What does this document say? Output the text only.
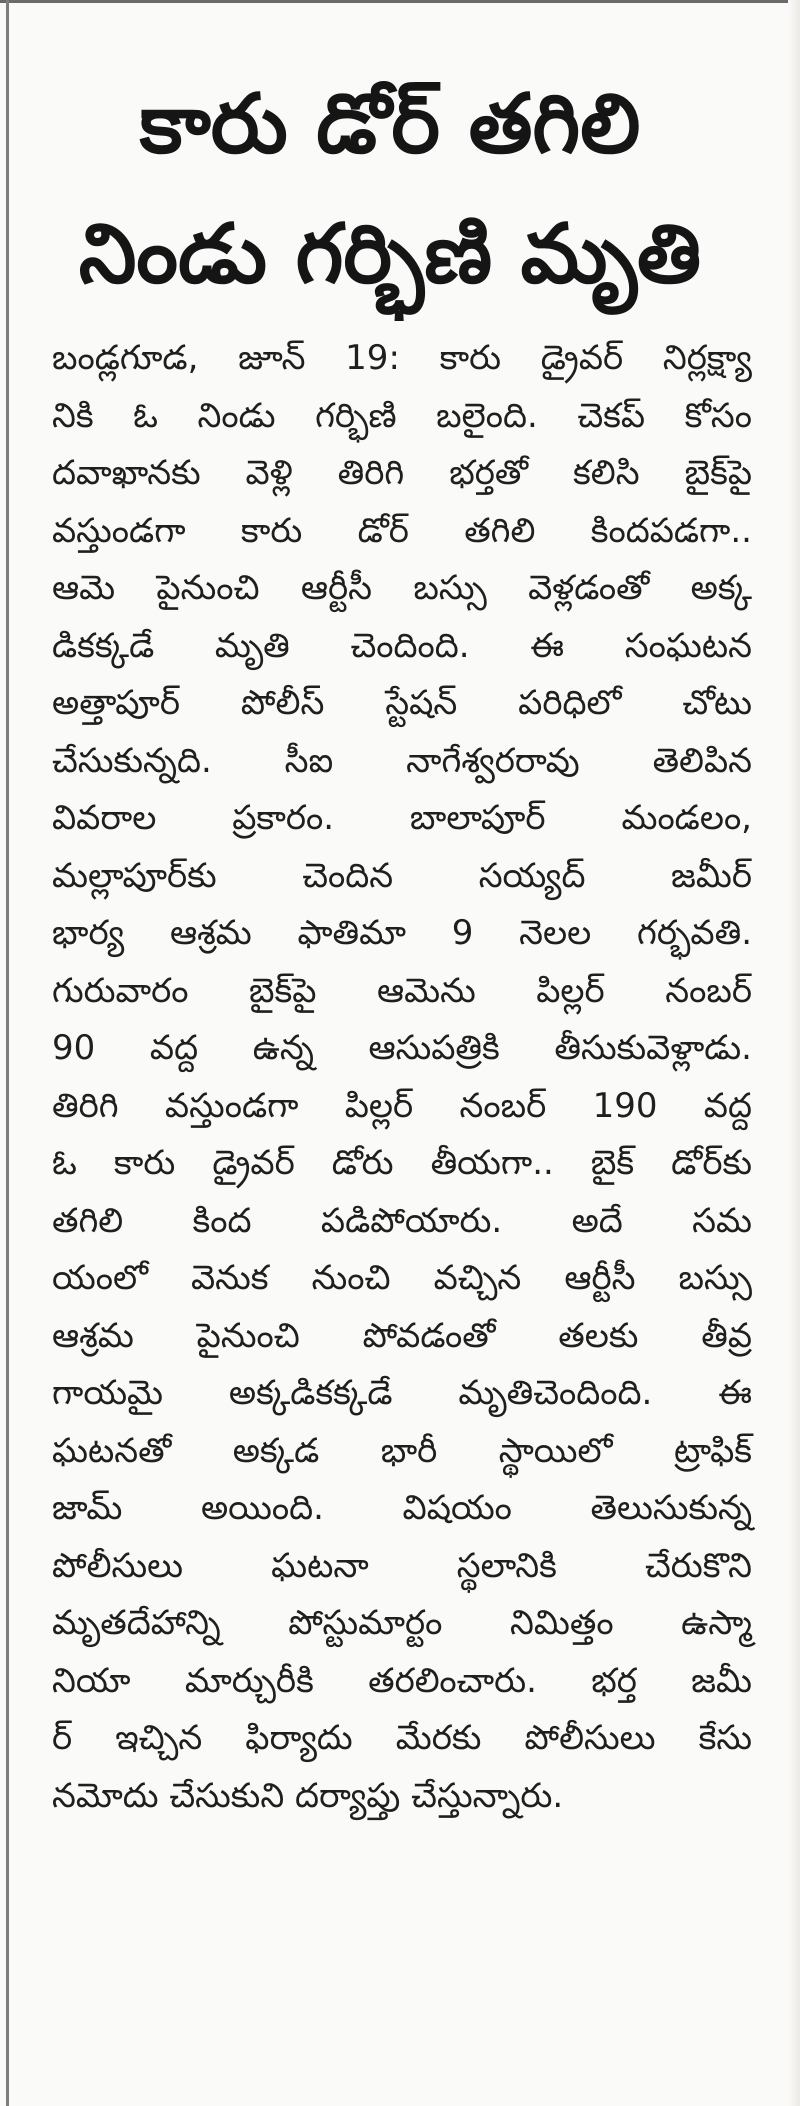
కారు డోర్ తగిలి
నిండు గర్భిణి మృతి
బండ్లగూడ, జూన్ 19: కారు డ్రైవర్ నిర్లక్ష్యా
నికి ఓ నిండు గర్భిణి బలైంది. చెకప్ కోసం
దవాఖానకు వెళ్లి తిరిగి భర్తతో కలిసి బైక్‌పై
వస్తుండగా కారు డోర్ తగిలి కిందపడగా..
ఆమె పైనుంచి ఆర్టీసీ బస్సు వెళ్లడంతో అక్క
డికక్కడే మృతి చెందింది. ఈ సంఘటన
అత్తాపూర్ పోలీస్ స్టేషన్ పరిధిలో చోటు
చేసుకున్నది. సీఐ నాగేశ్వరరావు తెలిపిన
వివరాల ప్రకారం. బాలాపూర్ మండలం,
మల్లాపూర్‌కు చెందిన సయ్యద్ జమీర్
భార్య ఆశ్రమ ఫాతిమా 9 నెలల గర్భవతి.
గురువారం బైక్‌పై ఆమెను పిల్లర్ నంబర్
90 వద్ద ఉన్న ఆసుపత్రికి తీసుకువెళ్లాడు.
తిరిగి వస్తుండగా పిల్లర్ నంబర్ 190 వద్ద
ఓ కారు డ్రైవర్ డోరు తీయగా.. బైక్ డోర్‌కు
తగిలి కింద పడిపోయారు. అదే సమ
యంలో వెనుక నుంచి వచ్చిన ఆర్టీసీ బస్సు
ఆశ్రమ పైనుంచి పోవడంతో తలకు తీవ్ర
గాయమై అక్కడికక్కడే మృతిచెందింది. ఈ
ఘటనతో అక్కడ భారీ స్థాయిలో ట్రాఫిక్
జామ్ అయింది. విషయం తెలుసుకున్న
పోలీసులు ఘటనా స్థలానికి చేరుకొని
మృతదేహాన్ని పోస్టుమార్టం నిమిత్తం ఉస్మా
నియా మార్చురీకి తరలించారు. భర్త జమీ
ర్ ఇచ్చిన ఫిర్యాదు మేరకు పోలీసులు కేసు
నమోదు చేసుకుని దర్యాప్తు చేస్తున్నారు.
